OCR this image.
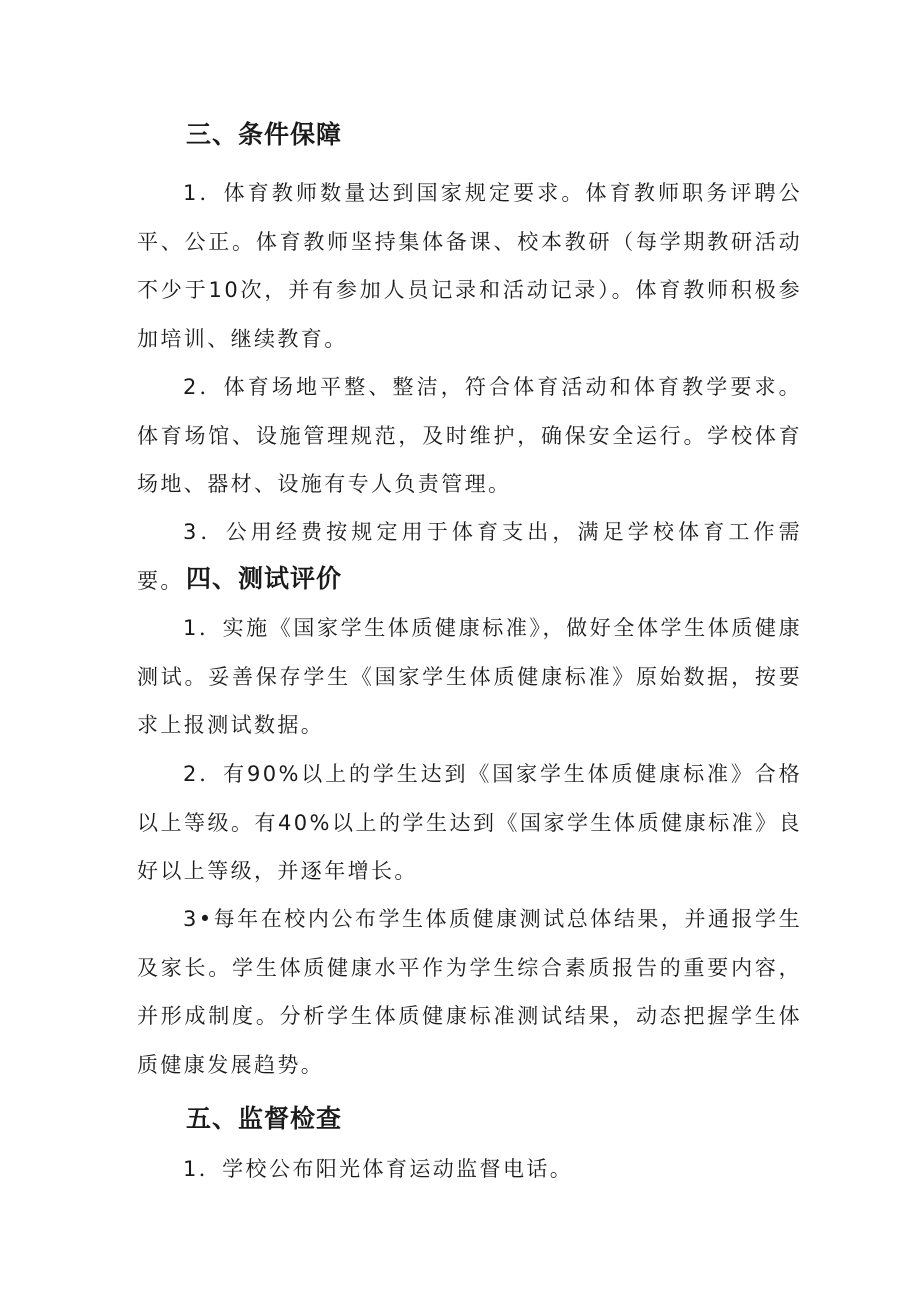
三、条件保障

1．体育教师数量达到国家规定要求。体育教师职务评聘公平、公正。体育教师坚持集体备课、校本教研（每学期教研活动不少于10次，并有参加人员记录和活动记录）。体育教师积极参加培训、继续教育。

2．体育场地平整、整洁，符合体育活动和体育教学要求。体育场馆、设施管理规范，及时维护，确保安全运行。学校体育场地、器材、设施有专人负责管理。

3．公用经费按规定用于体育支出，满足学校体育工作需要。 四、测试评价

1．实施《国家学生体质健康标准》，做好全体学生体质健康测试。妥善保存学生《国家学生体质健康标准》原始数据，按要求上报测试数据。

2．有90%以上的学生达到《国家学生体质健康标准》合格以上等级。有40%以上的学生达到《国家学生体质健康标准》良好以上等级，并逐年增长。

3•每年在校内公布学生体质健康测试总体结果，并通报学生及家长。学生体质健康水平作为学生综合素质报告的重要内容，并形成制度。分析学生体质健康标准测试结果，动态把握学生体质健康发展趋势。

五、监督检查

1．学校公布阳光体育运动监督电话。
